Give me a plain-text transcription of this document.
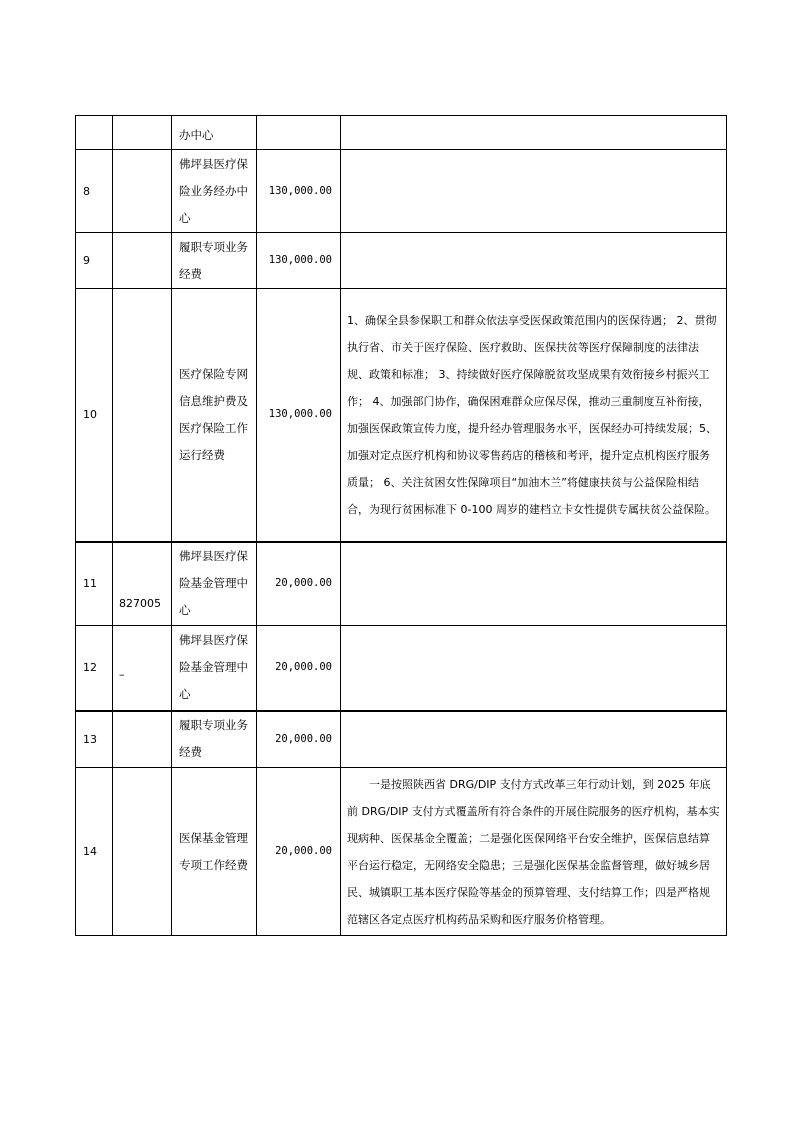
		办中心		
8		佛坪县医疗保险业务经办中心	130,000.00	
9		履职专项业务经费	130,000.00	
10		医疗保险专网信息维护费及医疗保险工作运行经费	130,000.00	1、确保全县参保职工和群众依法享受医保政策范围内的医保待遇； 2、贯彻执行省、市关于医疗保险、医疗救助、医保扶贫等医疗保障制度的法律法规、政策和标准； 3、持续做好医疗保障脱贫攻坚成果有效衔接乡村振兴工作； 4、加强部门协作，确保困难群众应保尽保，推动三重制度互补衔接，加强医保政策宣传力度，提升经办管理服务水平，医保经办可持续发展；5、加强对定点医疗机构和协议零售药店的稽核和考评，提升定点机构医疗服务质量； 6、关注贫困女性保障项目“加油木兰”将健康扶贫与公益保险相结合，为现行贫困标准下 0-100 周岁的建档立卡女性提供专属扶贫公益保险。
11	827005	佛坪县医疗保险基金管理中心	20,000.00	
12	–	佛坪县医疗保险基金管理中心	20,000.00	
13		履职专项业务经费	20,000.00	
14		医保基金管理专项工作经费	20,000.00	一是按照陕西省 DRG/DIP 支付方式改革三年行动计划，到 2025 年底前 DRG/DIP 支付方式覆盖所有符合条件的开展住院服务的医疗机构，基本实现病种、医保基金全覆盖；二是强化医保网络平台安全维护，医保信息结算平台运行稳定，无网络安全隐患；三是强化医保基金监督管理，做好城乡居民、城镇职工基本医疗保险等基金的预算管理、支付结算工作；四是严格规范辖区各定点医疗机构药品采购和医疗服务价格管理。
